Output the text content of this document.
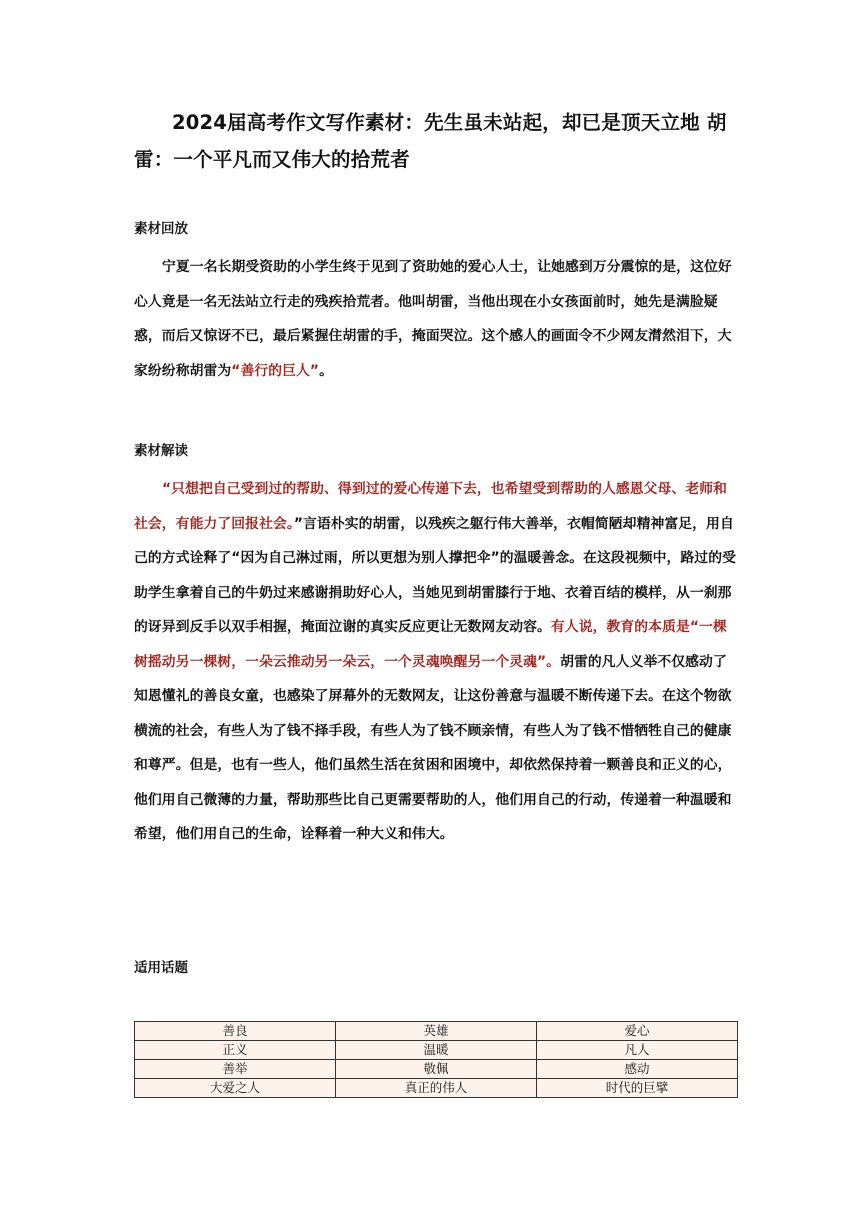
2024届高考作文写作素材：先生虽未站起，却已是顶天立地 胡雷：一个平凡而又伟大的拾荒者
素材回放
宁夏一名长期受资助的小学生终于见到了资助她的爱心人士，让她感到万分震惊的是，这位好心人竟是一名无法站立行走的残疾拾荒者。他叫胡雷，当他出现在小女孩面前时，她先是满脸疑惑，而后又惊讶不已，最后紧握住胡雷的手，掩面哭泣。这个感人的画面令不少网友潸然泪下，大家纷纷称胡雷为“善行的巨人”。
素材解读
“只想把自己受到过的帮助、得到过的爱心传递下去，也希望受到帮助的人感恩父母、老师和社会，有能力了回报社会。”言语朴实的胡雷，以残疾之躯行伟大善举，衣帽简陋却精神富足，用自己的方式诠释了“因为自己淋过雨，所以更想为别人撑把伞”的温暖善念。在这段视频中，路过的受助学生拿着自己的牛奶过来感谢捐助好心人，当她见到胡雷膝行于地、衣着百结的模样，从一刹那的讶异到反手以双手相握，掩面泣谢的真实反应更让无数网友动容。有人说，教育的本质是“一棵树摇动另一棵树，一朵云推动另一朵云，一个灵魂唤醒另一个灵魂”。胡雷的凡人义举不仅感动了知恩懂礼的善良女童，也感染了屏幕外的无数网友，让这份善意与温暖不断传递下去。在这个物欲横流的社会，有些人为了钱不择手段，有些人为了钱不顾亲情，有些人为了钱不惜牺牲自己的健康和尊严。但是，也有一些人，他们虽然生活在贫困和困境中，却依然保持着一颗善良和正义的心，他们用自己微薄的力量，帮助那些比自己更需要帮助的人，他们用自己的行动，传递着一种温暖和希望，他们用自己的生命，诠释着一种大义和伟大。
适用话题
善良	英雄	爱心
正义	温暖	凡人
善举	敬佩	感动
大爱之人	真正的伟人	时代的巨擘
